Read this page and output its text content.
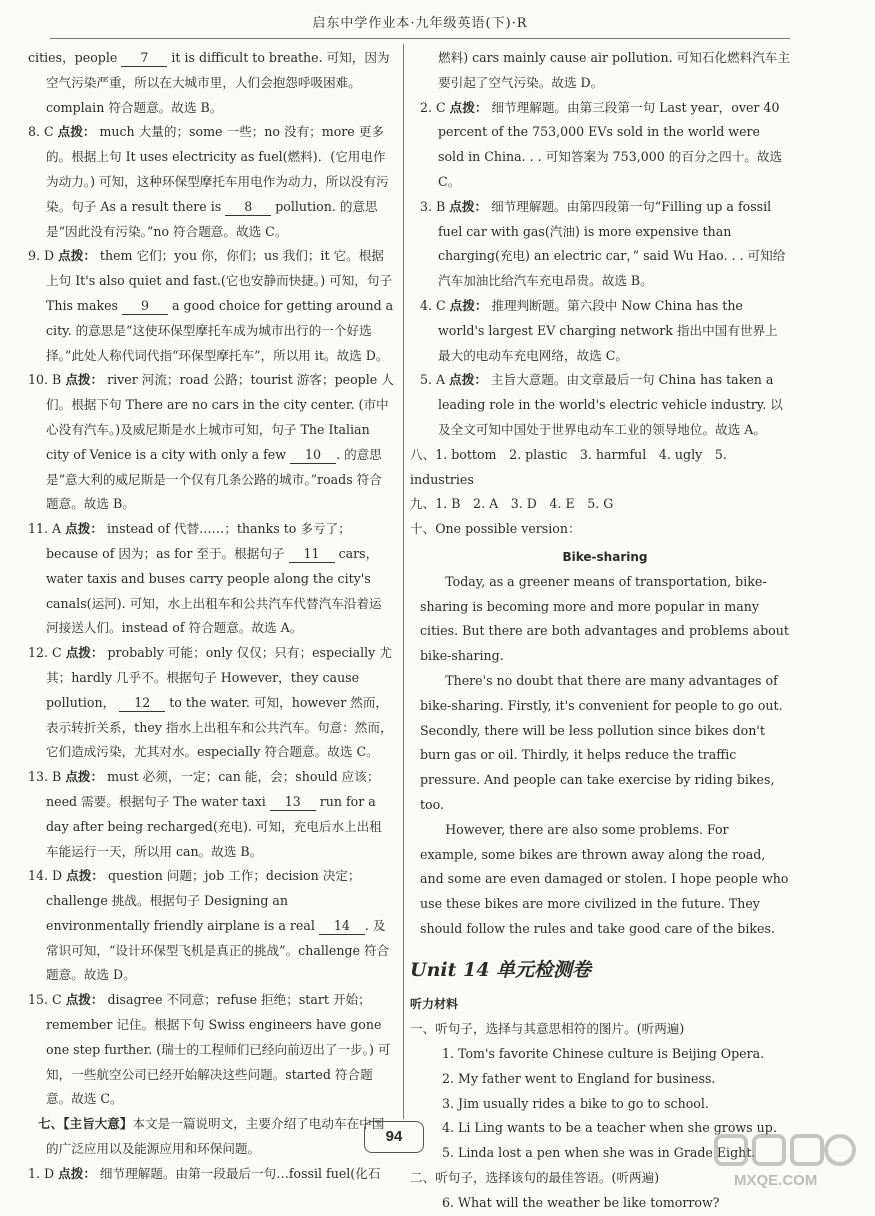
启东中学作业本·九年级英语(下)·R
cities，people 7 it is difficult to breathe. 可知，因为空气污染严重，所以在大城市里，人们会抱怨呼吸困难。complain 符合题意。故选 B。
8. C 点拨： much 大量的；some 一些；no 没有；more 更多的。根据上句 It uses electricity as fuel(燃料)．(它用电作为动力。) 可知，这种环保型摩托车用电作为动力，所以没有污染。句子 As a result there is 8 pollution. 的意思是“因此没有污染。”no 符合题意。故选 C。
9. D 点拨： them 它们；you 你，你们；us 我们；it 它。根据上句 It's also quiet and fast.(它也安静而快捷。) 可知，句子 This makes 9 a good choice for getting around a city. 的意思是“这使环保型摩托车成为城市出行的一个好选择。”此处人称代词代指“环保型摩托车”，所以用 it。故选 D。
10. B 点拨： river 河流；road 公路；tourist 游客；people 人们。根据下句 There are no cars in the city center. (市中心没有汽车。)及威尼斯是水上城市可知，句子 The Italian city of Venice is a city with only a few 10 . 的意思是“意大利的威尼斯是一个仅有几条公路的城市。”roads 符合题意。故选 B。
11. A 点拨： instead of 代替……；thanks to 多亏了；because of 因为；as for 至于。根据句子 11 cars，water taxis and buses carry people along the city's canals(运河). 可知，水上出租车和公共汽车代替汽车沿着运河接送人们。instead of 符合题意。故选 A。
12. C 点拨： probably 可能；only 仅仅；只有；especially 尤其；hardly 几乎不。根据句子 However，they cause pollution， 12 to the water. 可知，however 然而，表示转折关系，they 指水上出租车和公共汽车。句意：然而，它们造成污染，尤其对水。especially 符合题意。故选 C。
13. B 点拨： must 必须，一定；can 能，会；should 应该；need 需要。根据句子 The water taxi 13 run for a day after being recharged(充电). 可知，充电后水上出租车能运行一天，所以用 can。故选 B。
14. D 点拨： question 问题；job 工作；decision 决定；challenge 挑战。根据句子 Designing an environmentally friendly airplane is a real 14 . 及常识可知，“设计环保型飞机是真正的挑战”。challenge 符合题意。故选 D。
15. C 点拨： disagree 不同意；refuse 拒绝；start 开始；remember 记住。根据下句 Swiss engineers have gone one step further. (瑞士的工程师们已经向前迈出了一步。) 可知，一些航空公司已经开始解决这些问题。started 符合题意。故选 C。
七、【主旨大意】本文是一篇说明文，主要介绍了电动车在中国的广泛应用以及能源应用和环保问题。
1. D 点拨： 细节理解题。由第一段最后一句…fossil fuel(化石
燃料) cars mainly cause air pollution. 可知石化燃料汽车主要引起了空气污染。故选 D。
2. C 点拨： 细节理解题。由第三段第一句 Last year，over 40 percent of the 753,000 EVs sold in the world were sold in China. . . 可知答案为 753,000 的百分之四十。故选 C。
3. B 点拨： 细节理解题。由第四段第一句“Filling up a fossil fuel car with gas(汽油) is more expensive than charging(充电) an electric car，” said Wu Hao. . . 可知给汽车加油比给汽车充电昂贵。故选 B。
4. C 点拨： 推理判断题。第六段中 Now China has the world's largest EV charging network 指出中国有世界上最大的电动车充电网络，故选 C。
5. A 点拨： 主旨大意题。由文章最后一句 China has taken a leading role in the world's electric vehicle industry. 以及全文可知中国处于世界电动车工业的领导地位。故选 A。
八、1. bottom　2. plastic　3. harmful　4. ugly　5. industries
九、1. B　2. A　3. D　4. E　5. G
十、One possible version：
Bike-sharing
Today, as a greener means of transportation, bike-sharing is becoming more and more popular in many cities. But there are both advantages and problems about bike-sharing.
There's no doubt that there are many advantages of bike-sharing. Firstly, it's convenient for people to go out. Secondly, there will be less pollution since bikes don't burn gas or oil. Thirdly, it helps reduce the traffic pressure. And people can take exercise by riding bikes, too.
However, there are also some problems. For example, some bikes are thrown away along the road, and some are even damaged or stolen. I hope people who use these bikes are more civilized in the future. They should follow the rules and take good care of the bikes.
Unit 14 单元检测卷
听力材料
一、听句子，选择与其意思相符的图片。(听两遍)
1. Tom's favorite Chinese culture is Beijing Opera.
2. My father went to England for business.
3. Jim usually rides a bike to go to school.
4. Li Ling wants to be a teacher when she grows up.
5. Linda lost a pen when she was in Grade Eight.
二、听句子，选择该句的最佳答语。(听两遍)
6. What will the weather be like tomorrow?
94
MXQE.COM
